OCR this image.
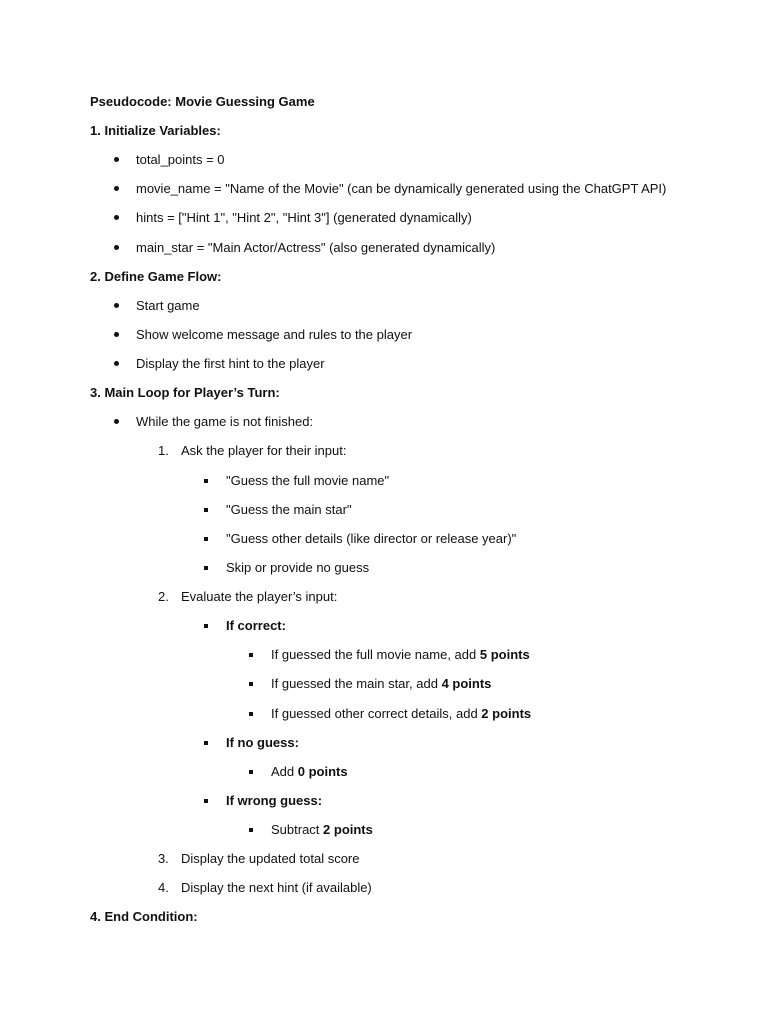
Pseudocode: Movie Guessing Game
1. Initialize Variables:
total_points = 0
movie_name = "Name of the Movie" (can be dynamically generated using the ChatGPT API)
hints = ["Hint 1", "Hint 2", "Hint 3"] (generated dynamically)
main_star = "Main Actor/Actress" (also generated dynamically)
2. Define Game Flow:
Start game
Show welcome message and rules to the player
Display the first hint to the player
3. Main Loop for Player’s Turn:
While the game is not finished:
1. Ask the player for their input:
"Guess the full movie name"
"Guess the main star"
"Guess other details (like director or release year)"
Skip or provide no guess
2. Evaluate the player’s input:
If correct:
If guessed the full movie name, add 5 points
If guessed the main star, add 4 points
If guessed other correct details, add 2 points
If no guess:
Add 0 points
If wrong guess:
Subtract 2 points
3. Display the updated total score
4. Display the next hint (if available)
4. End Condition:
